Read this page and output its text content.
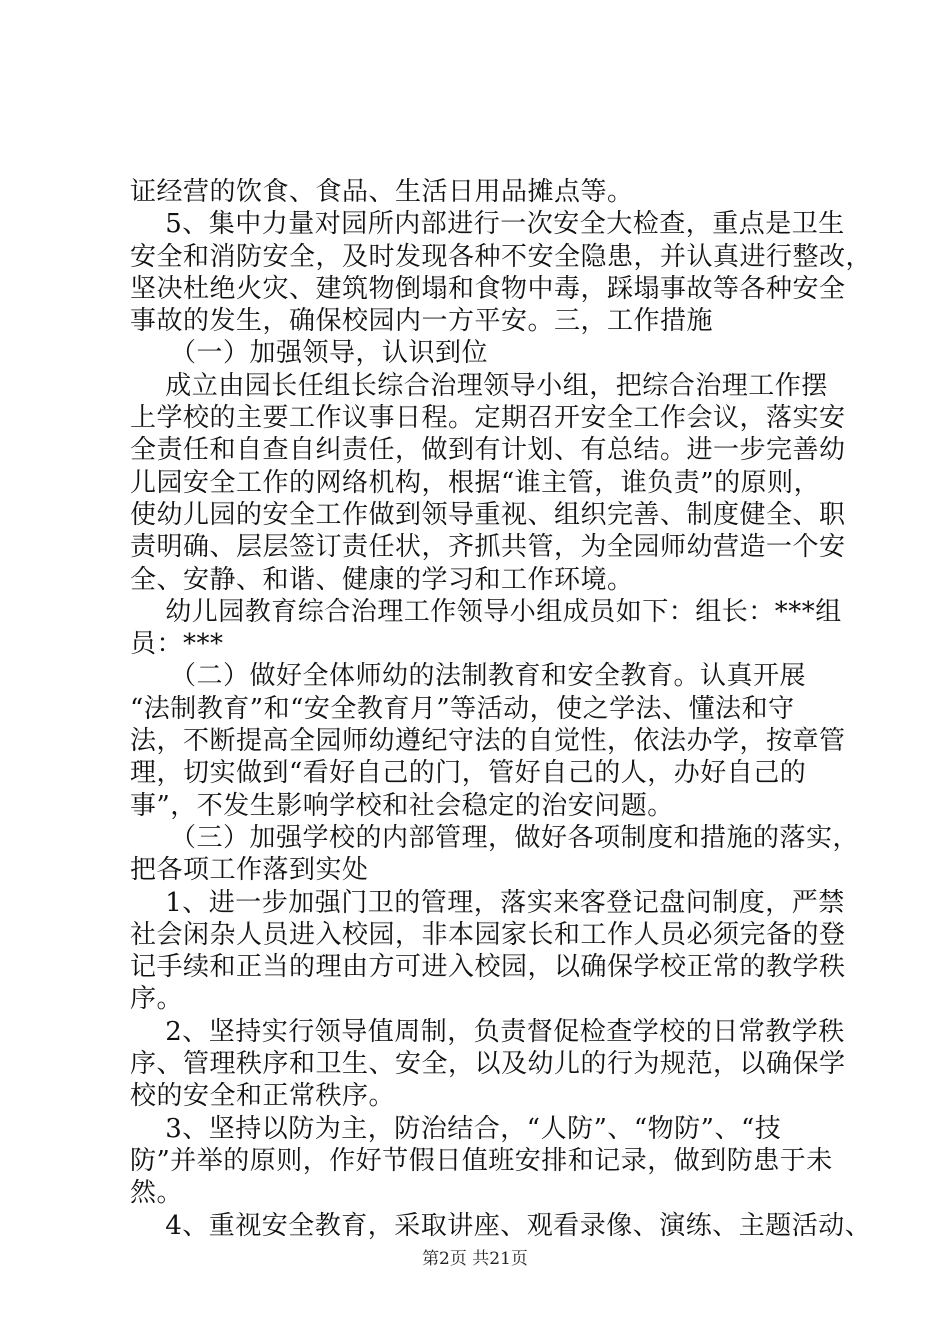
证经营的饮食、食品、生活日用品摊点等。
　 5、集中力量对园所内部进行一次安全大检查，重点是卫生
安全和消防安全，及时发现各种不安全隐患，并认真进行整改，
坚决杜绝火灾、建筑物倒塌和食物中毒，踩塌事故等各种安全
事故的发生，确保校园内一方平安。三，工作措施
　　（一）加强领导，认识到位
　 成立由园长任组长综合治理领导小组，把综合治理工作摆
上学校的主要工作议事日程。定期召开安全工作会议，落实安
全责任和自查自纠责任，做到有计划、有总结。进一步完善幼
儿园安全工作的网络机构，根据“谁主管，谁负责”的原则，
使幼儿园的安全工作做到领导重视、组织完善、制度健全、职
责明确、层层签订责任状，齐抓共管，为全园师幼营造一个安
全、安静、和谐、健康的学习和工作环境。
　 幼儿园教育综合治理工作领导小组成员如下：组长：***组
员：***
　　（二）做好全体师幼的法制教育和安全教育。认真开展
“法制教育”和“安全教育月”等活动，使之学法、懂法和守
法，不断提高全园师幼遵纪守法的自觉性，依法办学，按章管
理，切实做到“看好自己的门，管好自己的人，办好自己的
事”，不发生影响学校和社会稳定的治安问题。
　　（三）加强学校的内部管理，做好各项制度和措施的落实，
把各项工作落到实处
　 1、进一步加强门卫的管理，落实来客登记盘问制度，严禁
社会闲杂人员进入校园，非本园家长和工作人员必须完备的登
记手续和正当的理由方可进入校园，以确保学校正常的教学秩
序。
　 2、坚持实行领导值周制，负责督促检查学校的日常教学秩
序、管理秩序和卫生、安全，以及幼儿的行为规范，以确保学
校的安全和正常秩序。
　 3、坚持以防为主，防治结合，“人防”、“物防”、“技
防”并举的原则，作好节假日值班安排和记录，做到防患于未
然。
　 4、重视安全教育，采取讲座、观看录像、演练、主题活动、
第2页 共21页
